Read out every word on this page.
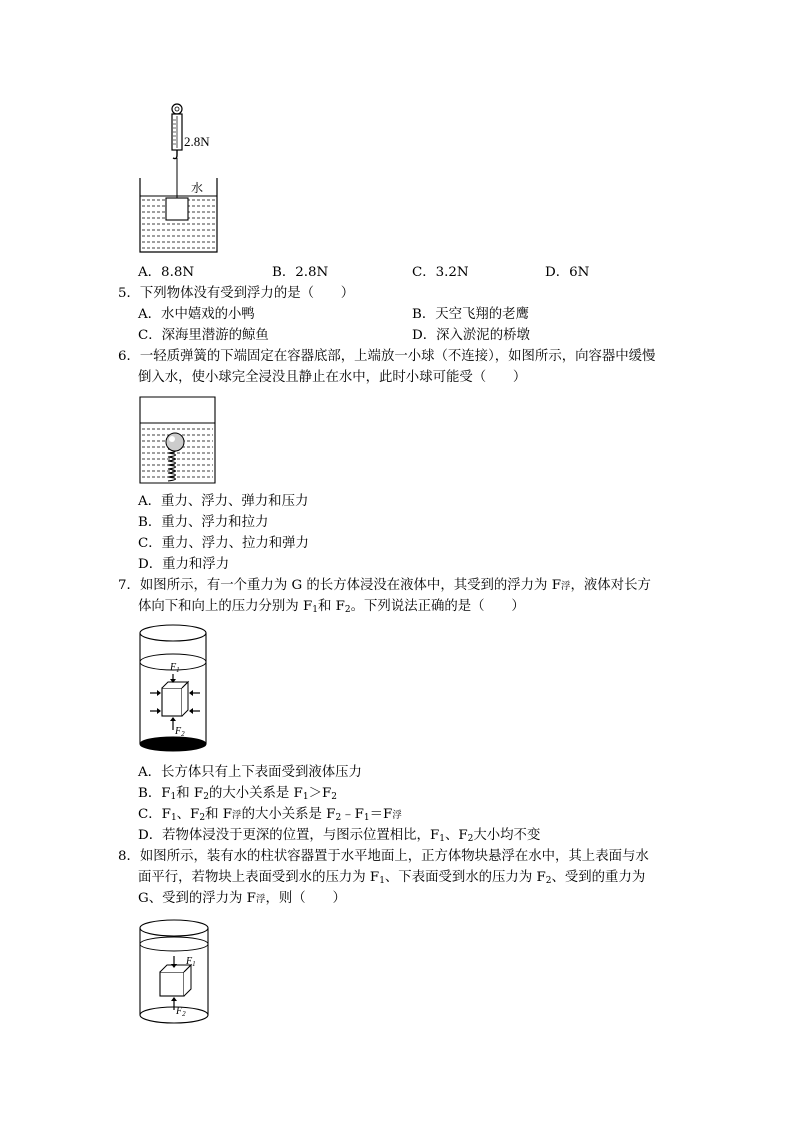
2.8N
水
A．8.8N	B．2.8N	C．3.2N	D．6N
5．下列物体没有受到浮力的是（　　）
A．水中嬉戏的小鸭	B．天空飞翔的老鹰
C．深海里潜游的鲸鱼	D．深入淤泥的桥墩
6．一轻质弹簧的下端固定在容器底部，上端放一小球（不连接），如图所示，向容器中缓慢
倒入水，使小球完全浸没且静止在水中，此时小球可能受（　　）
A．重力、浮力、弹力和压力
B．重力、浮力和拉力
C．重力、浮力、拉力和弹力
D．重力和浮力
7．如图所示，有一个重力为 G 的长方体浸没在液体中，其受到的浮力为 F浮，液体对长方
体向下和向上的压力分别为 $F_1$和 $F_2$。下列说法正确的是（　　）
$F_1$
$F_2$
A．长方体只有上下表面受到液体压力
B．$F_1$和 $F_2$的大小关系是 $F_1>F_2$
C．$F_1$、$F_2$和 F浮的大小关系是 $F_2﹣F_1=F$浮
D．若物体浸没于更深的位置，与图示位置相比，$F_1$、$F_2$大小均不变
8．如图所示，装有水的柱状容器置于水平地面上，正方体物块悬浮在水中，其上表面与水
面平行，若物块上表面受到水的压力为 $F_1$、下表面受到水的压力为 $F_2$、受到的重力为
G、受到的浮力为 F浮，则（　　）
$F_1$
$F_2$
